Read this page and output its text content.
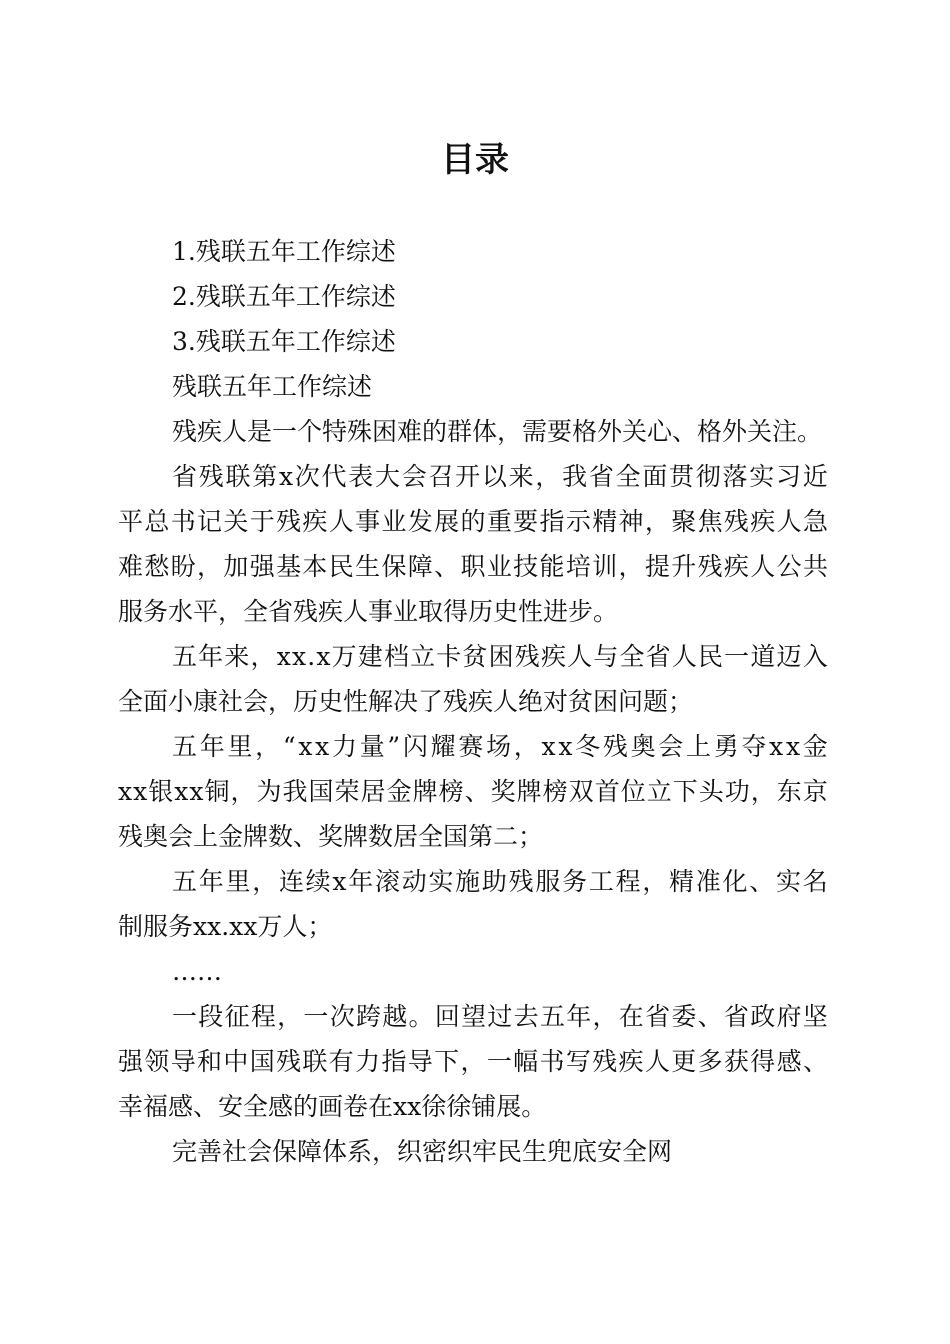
目录
1.残联五年工作综述
2.残联五年工作综述
3.残联五年工作综述
残联五年工作综述
残疾人是一个特殊困难的群体，需要格外关心、格外关注。
省 残 联 第 x 次 代 表 大 会 召 开 以 来 ， 我 省 全 面 贯 彻 落 实 习 近
平 总 书 记 关 于 残 疾 人 事 业 发 展 的 重 要 指 示 精 神 ， 聚 焦 残 疾 人 急
难 愁 盼 ， 加 强 基 本 民 生 保 障 、 职 业 技 能 培 训 ， 提 升 残 疾 人 公 共
服务水平，全省残疾人事业取得历史性进步。
五 年 来 ， x x . x 万 建 档 立 卡 贫 困 残 疾 人 与 全 省 人 民 一 道 迈 入
全面小康社会，历史性解决了残疾人绝对贫困问题；
五 年 里 ， “ x x 力 量 ” 闪 耀 赛 场 ， x x 冬 残 奥 会 上 勇 夺 x x 金
x x 银 x x 铜 ， 为 我 国 荣 居 金 牌 榜 、 奖 牌 榜 双 首 位 立 下 头 功 ， 东 京
残奥会上金牌数、奖牌数居全国第二；
五 年 里 ， 连 续 x 年 滚 动 实 施 助 残 服 务 工 程 ， 精 准 化 、 实 名
制服务xx.xx万人；
……
一 段 征 程 ， 一 次 跨 越 。 回 望 过 去 五 年 ， 在 省 委 、 省 政 府 坚
强 领 导 和 中 国 残 联 有 力 指 导 下 ， 一 幅 书 写 残 疾 人 更 多 获 得 感 、
幸福感、安全感的画卷在xx徐徐铺展。
完善社会保障体系，织密织牢民生兜底安全网
